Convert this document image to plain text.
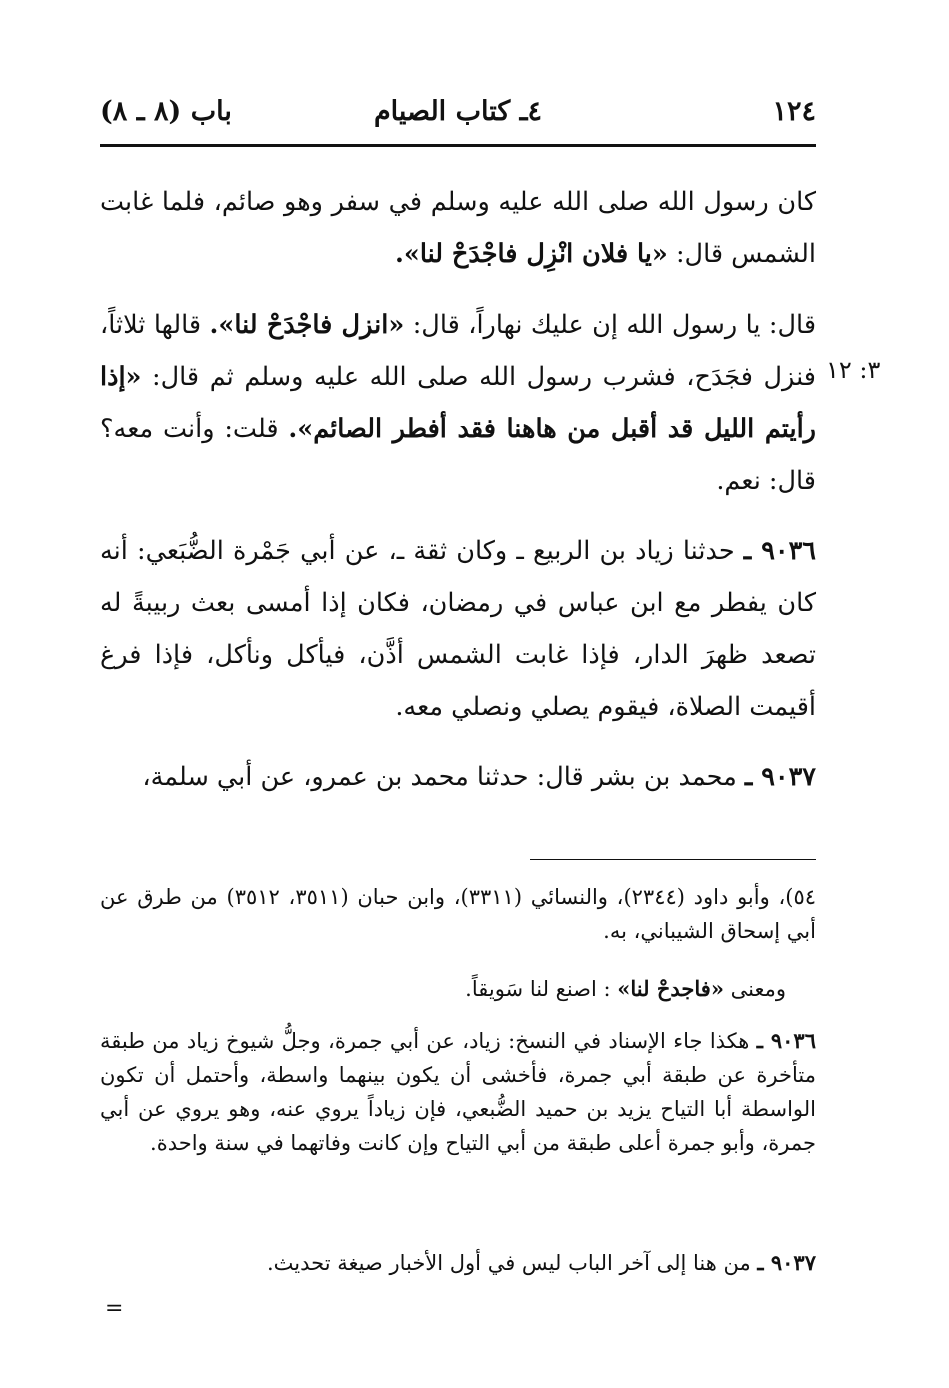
١٢٤
٤ـ كتاب الصيام
باب (٨ ـ ٨)

كان رسول الله صلى الله عليه وسلم في سفر وهو صائم، فلما غابت الشمس قال: «يا فلان انْزِل فاجْدَحْ لنا».

قال: يا رسول الله إن عليك نهاراً، قال: «انزل فاجْدَحْ لنا». قالها ثلاثاً، فنزل فجَدَح، فشرب رسول الله صلى الله عليه وسلم ثم قال: «إذا رأيتم الليل قد أقبل من هاهنا فقد أفطر الصائم». قلت: وأنت معه؟ قال: نعم.

٣: ١٢

٩٠٣٦ ـ حدثنا زياد بن الربيع ـ وكان ثقة ـ، عن أبي جَمْرة الضُّبَعي: أنه كان يفطر مع ابن عباس في رمضان، فكان إذا أمسى بعث ربيبةً له تصعد ظهرَ الدار، فإذا غابت الشمس أذَّن، فيأكل ونأكل، فإذا فرغ أقيمت الصلاة، فيقوم يصلي ونصلي معه.

٩٠٣٧ ـ محمد بن بشر قال: حدثنا محمد بن عمرو، عن أبي سلمة،

٥٤)، وأبو داود (٢٣٤٤)، والنسائي (٣٣١١)، وابن حبان (٣٥١١، ٣٥١٢) من طرق عن أبي إسحاق الشيباني، به.

ومعنى «فاجدحْ لنا» : اصنع لنا سَويقاً.

٩٠٣٦ ـ هكذا جاء الإسناد في النسخ: زياد، عن أبي جمرة، وجلُّ شيوخ زياد من طبقة متأخرة عن طبقة أبي جمرة، فأخشى أن يكون بينهما واسطة، وأحتمل أن تكون الواسطة أبا التياح يزيد بن حميد الضُّبعي، فإن زياداً يروي عنه، وهو يروي عن أبي جمرة، وأبو جمرة أعلى طبقة من أبي التياح وإن كانت وفاتهما في سنة واحدة.

٩٠٣٧ ـ من هنا إلى آخر الباب ليس في أول الأخبار صيغة تحديث.

=
